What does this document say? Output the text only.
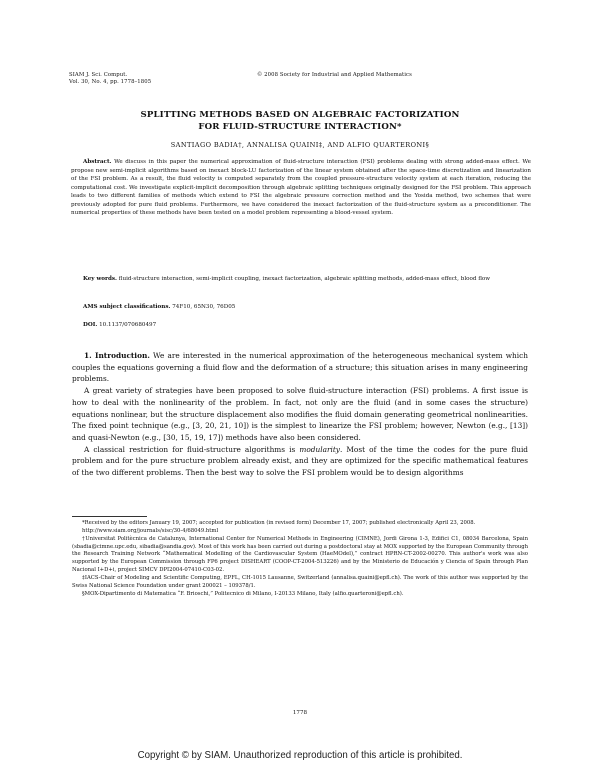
SIAM J. Sci. Comput.
Vol. 30, No. 4, pp. 1778–1805
© 2008 Society for Industrial and Applied Mathematics
SPLITTING METHODS BASED ON ALGEBRAIC FACTORIZATION
FOR FLUID-STRUCTURE INTERACTION*
SANTIAGO BADIA†, ANNALISA QUAINI‡, AND ALFIO QUARTERONI§
Abstract. We discuss in this paper the numerical approximation of fluid-structure interaction (FSI) problems dealing with strong added-mass effect. We propose new semi-implicit algorithms based on inexact block-LU factorization of the linear system obtained after the space-time discretization and linearization of the FSI problem. As a result, the fluid velocity is computed separately from the coupled pressure-structure velocity system at each iteration, reducing the computational cost. We investigate explicit-implicit decomposition through algebraic splitting techniques originally designed for the FSI problem. This approach leads to two different families of methods which extend to FSI the algebraic pressure correction method and the Yosida method, two schemes that were previously adopted for pure fluid problems. Furthermore, we have considered the inexact factorization of the fluid-structure system as a preconditioner. The numerical properties of these methods have been tested on a model problem representing a blood-vessel system.
Key words. fluid-structure interaction, semi-implicit coupling, inexact factorization, algebraic splitting methods, added-mass effect, blood flow
AMS subject classifications. 74F10, 65N30, 76D05
DOI. 10.1137/070680497

1. Introduction. We are interested in the numerical approximation of the heterogeneous mechanical system which couples the equations governing a fluid flow and the deformation of a structure; this situation arises in many engineering problems.

A great variety of strategies have been proposed to solve fluid-structure interaction (FSI) problems. A first issue is how to deal with the nonlinearity of the problem. In fact, not only are the fluid (and in some cases the structure) equations nonlinear, but the structure displacement also modifies the fluid domain generating geometrical nonlinearities. The fixed point technique (e.g., [3, 20, 21, 10]) is the simplest to linearize the FSI problem; however, Newton (e.g., [13]) and quasi-Newton (e.g., [30, 15, 19, 17]) methods have also been considered.

A classical restriction for fluid-structure algorithms is modularity. Most of the time the codes for the pure fluid problem and for the pure structure problem already exist, and they are optimized for the specific mathematical features of the two different problems. Then the best way to solve the FSI problem would be to design algorithms

*Received by the editors January 19, 2007; accepted for publication (in revised form) December 17, 2007; published electronically April 23, 2008.
http://www.siam.org/journals/sisc/30-4/68049.html

†Universitat Politècnica de Catalunya, International Center for Numerical Methods in Engineering (CIMNE), Jordi Girona 1-3, Edifici C1, 08034 Barcelona, Spain (sbadia@cimne.upc.edu, sibadia@sandia.gov). Most of this work has been carried out during a postdoctoral stay at MOX supported by the European Community through the Research Training Network “Mathematical Modelling of the Cardiovascular System (HaeMOdel),” contract HPRN-CT-2002-00270. This author's work was also supported by the European Commission through FP6 project DISHEART (COOP-CT-2004-513226) and by the Ministerio de Educación y Ciencia of Spain through Plan Nacional I+D+i, project SIMCV DPI2004-07410-C03-02.

‡IACS-Chair of Modeling and Scientific Computing, EPFL, CH-1015 Lausanne, Switzerland (annalisa.quaini@epfl.ch). The work of this author was supported by the Swiss National Science Foundation under grant 200021 – 109378/1.

§MOX-Dipartimento di Matematica “F. Brioschi,” Politecnico di Milano, I-20133 Milano, Italy (alfio.quarteroni@epfl.ch).

1778
Copyright © by SIAM. Unauthorized reproduction of this article is prohibited.
